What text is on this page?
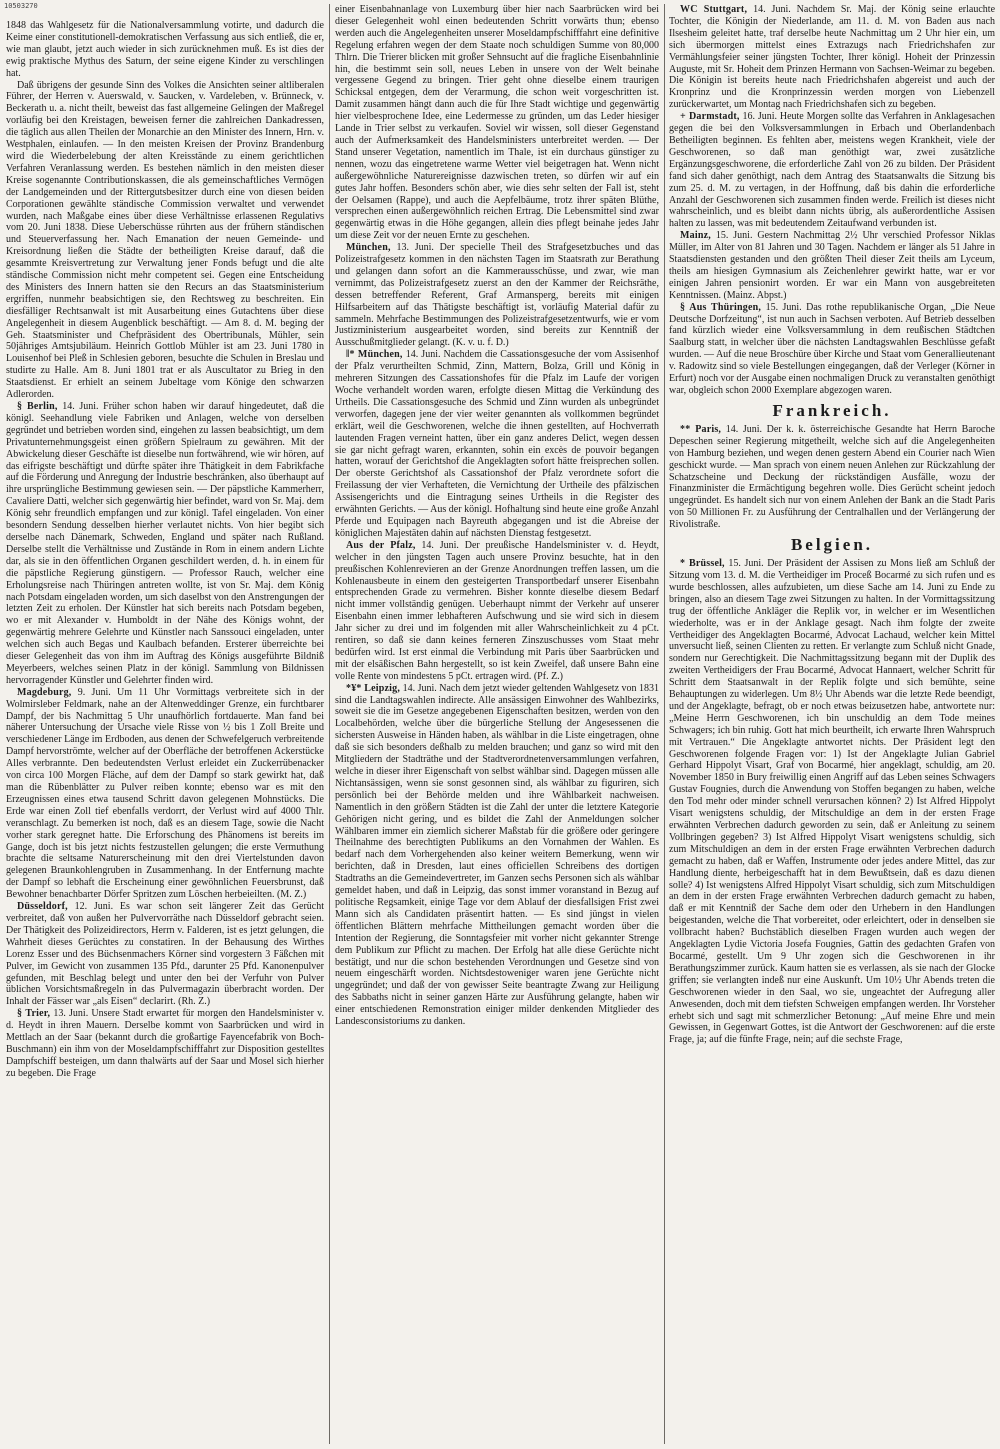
10503270

1848 das Wahlgesetz für die Nationalversammlung votirte, und dadurch die Keime einer constitutionell-demokratischen Verfassung aus sich entließ, die er, wie man glaubt, jetzt auch wieder in sich zurücknehmen muß. Es ist dies der ewig praktische Mythus des Saturn, der seine eigene Kinder zu verschlingen hat.

Daß übrigens der gesunde Sinn des Volkes die Ansichten seiner altliberalen Führer, der Herren v. Auerswald, v. Saucken, v. Vardeleben, v. Brünneck, v. Beckerath u. a. nicht theilt, beweist das fast allgemeine Gelingen der Maßregel vorläufig bei den Kreistagen, beweisen ferner die zahlreichen Dankadressen, die täglich aus allen Theilen der Monarchie an den Minister des Innern, Hrn. v. Westphalen, einlaufen. — In den meisten Kreisen der Provinz Brandenburg wird die Wiederbelebung der alten Kreisstände zu einem gerichtlichen Verfahren Veranlassung werden. Es bestehen nämlich in den meisten dieser Kreise sogenannte Contributionskassen, die als gemeinschaftliches Vermögen der Landgemeinden und der Rittergutsbesitzer durch eine von diesen beiden Corporationen gewählte ständische Commission verwaltet und verwendet wurden, nach Maßgabe eines über diese Verhältnisse erlassenen Regulativs vom 20. Juni 1838. Diese Ueberschüsse rührten aus der frühern ständischen und Steuerverfassung her. Nach Emanation der neuen Gemeinde- und Kreisordnung ließen die Städte der betheiligten Kreise darauf, daß die gesammte Kreisvertretung zur Verwaltung jener Fonds befugt und die alte ständische Commission nicht mehr competent sei. Gegen eine Entscheidung des Ministers des Innern hatten sie den Recurs an das Staatsministerium ergriffen, nunmehr beabsichtigen sie, den Rechtsweg zu beschreiten. Ein diesfälliger Rechtsanwalt ist mit Ausarbeitung eines Gutachtens über diese Angelegenheit in diesem Augenblick beschäftigt. — Am 8. d. M. beging der Geh. Staatsminister und Chefpräsident des Obertribunals, Mühler, sein 50jähriges Amtsjubiläum. Heinrich Gottlob Mühler ist am 23. Juni 1780 in Louisenhof bei Pleß in Schlesien geboren, besuchte die Schulen in Breslau und studirte zu Halle. Am 8. Juni 1801 trat er als Auscultator zu Brieg in den Staatsdienst. Er erhielt an seinem Jubeltage vom Könige den schwarzen Adlerorden.

§ Berlin, 14. Juni. Früher schon haben wir darauf hingedeutet, daß die königl. Seehandlung viele Fabriken und Anlagen, welche von derselben gegründet und betrieben worden sind, eingehen zu lassen beabsichtigt, um dem Privatunternehmungsgeist einen größern Spielraum zu gewähren. Mit der Abwickelung dieser Geschäfte ist dieselbe nun fortwährend, wie wir hören, auf das eifrigste beschäftigt und dürfte später ihre Thätigkeit in dem Fabrikfache auf die Förderung und Anregung der Industrie beschränken, also überhaupt auf ihre ursprüngliche Bestimmung gewiesen sein. — Der päpstliche Kammerherr, Cavaliere Datti, welcher sich gegenwärtig hier befindet, ward von Sr. Maj. dem König sehr freundlich empfangen und zur königl. Tafel eingeladen. Von einer besondern Sendung desselben hierher verlautet nichts. Von hier begibt sich derselbe nach Dänemark, Schweden, England und später nach Rußland. Derselbe stellt die Verhältnisse und Zustände in Rom in einem andern Lichte dar, als sie in den öffentlichen Organen geschildert werden, d. h. in einem für die päpstliche Regierung günstigern. — Professor Rauch, welcher eine Erholungsreise nach Thüringen antreten wollte, ist von Sr. Maj. dem König nach Potsdam eingeladen worden, um sich daselbst von den Anstrengungen der letzten Zeit zu erholen. Der Künstler hat sich bereits nach Potsdam begeben, wo er mit Alexander v. Humboldt in der Nähe des Königs wohnt, der gegenwärtig mehrere Gelehrte und Künstler nach Sanssouci eingeladen, unter welchen sich auch Begas und Kaulbach befanden. Ersterer überreichte bei dieser Gelegenheit das von ihm im Auftrag des Königs ausgeführte Bildniß Meyerbeers, welches seinen Platz in der königl. Sammlung von Bildnissen hervorragender Künstler und Gelehrter finden wird.

Magdeburg, 9. Juni. Um 11 Uhr Vormittags verbreitete sich in der Wolmirsleber Feldmark, nahe an der Altenweddinger Grenze, ein furchtbarer Dampf, der bis Nachmittag 5 Uhr unaufhörlich fortdauerte. Man fand bei näherer Untersuchung der Ursache viele Risse von ½ bis 1 Zoll Breite und verschiedener Länge im Erdboden, aus denen der Schwefelgeruch verbreitende Dampf hervorströmte, welcher auf der Oberfläche der betroffenen Ackerstücke Alles verbrannte. Den bedeutendsten Verlust erleidet ein Zuckerrübenacker von circa 100 Morgen Fläche, auf dem der Dampf so stark gewirkt hat, daß man die Rübenblätter zu Pulver reiben konnte; ebenso war es mit den Erzeugnissen eines etwa tausend Schritt davon gelegenen Mohnstücks. Die Erde war einen Zoll tief ebenfalls verdorrt, der Verlust wird auf 4000 Thlr. veranschlagt. Zu bemerken ist noch, daß es an diesem Tage, sowie die Nacht vorher stark geregnet hatte. Die Erforschung des Phänomens ist bereits im Gange, doch ist bis jetzt nichts festzustellen gelungen; die erste Vermuthung brachte die seltsame Naturerscheinung mit den drei Viertelstunden davon gelegenen Braunkohlengruben in Zusammenhang. In der Entfernung machte der Dampf so lebhaft die Erscheinung einer gewöhnlichen Feuersbrunst, daß Bewohner benachbarter Dörfer Spritzen zum Löschen herbeieilten. (M. Z.)

Düsseldorf, 12. Juni. Es war schon seit längerer Zeit das Gerücht verbreitet, daß von außen her Pulvervorräthe nach Düsseldorf gebracht seien. Der Thätigkeit des Polizeidirectors, Herrn v. Falderen, ist es jetzt gelungen, die Wahrheit dieses Gerüchtes zu constatiren. In der Behausung des Wirthes Lorenz Esser und des Büchsenmachers Körner sind vorgestern 3 Fäßchen mit Pulver, im Gewicht von zusammen 135 Pfd., darunter 25 Pfd. Kanonenpulver gefunden, mit Beschlag belegt und unter den bei der Verfuhr von Pulver üblichen Vorsichtsmaßregeln in das Pulvermagazin überbracht worden. Der Inhalt der Fässer war „als Eisen“ declarirt. (Rh. Z.)

§ Trier, 13. Juni. Unsere Stadt erwartet für morgen den Handelsminister v. d. Heydt in ihren Mauern. Derselbe kommt von Saarbrücken und wird in Mettlach an der Saar (bekannt durch die großartige Fayencefabrik von Boch-Buschmann) ein ihm von der Moseldampfschifffahrt zur Disposition gestelltes Dampfschiff besteigen, um dann thalwärts auf der Saar und Mosel sich hierher zu begeben. Die Frage

einer Eisenbahnanlage von Luxemburg über hier nach Saarbrücken wird bei dieser Gelegenheit wohl einen bedeutenden Schritt vorwärts thun; ebenso werden auch die Angelegenheiten unserer Moseldampfschifffahrt eine definitive Regelung erfahren wegen der dem Staate noch schuldigen Summe von 80,000 Thlrn. Die Trierer blicken mit großer Sehnsucht auf die fragliche Eisenbahnlinie hin, die bestimmt sein soll, neues Leben in unsere von der Welt beinahe vergessene Gegend zu bringen. Trier geht ohne dieselbe einem traurigen Schicksal entgegen, dem der Verarmung, die schon weit vorgeschritten ist. Damit zusammen hängt dann auch die für Ihre Stadt wichtige und gegenwärtig hier vielbesprochene Idee, eine Ledermesse zu gründen, um das Leder hiesiger Lande in Trier selbst zu verkaufen. Soviel wir wissen, soll dieser Gegenstand auch der Aufmerksamkeit des Handelsministers unterbreitet werden. — Der Stand unserer Vegetation, namentlich im Thale, ist ein durchaus günstiger zu nennen, wozu das eingetretene warme Wetter viel beigetragen hat. Wenn nicht außergewöhnliche Naturereignisse dazwischen treten, so dürfen wir auf ein gutes Jahr hoffen. Besonders schön aber, wie dies sehr selten der Fall ist, steht der Oelsamen (Rappe), und auch die Aepfelbäume, trotz ihrer späten Blüthe, versprechen einen außergewöhnlich reichen Ertrag. Die Lebensmittel sind zwar gegenwärtig etwas in die Höhe gegangen, allein dies pflegt beinahe jedes Jahr um diese Zeit vor der neuen Ernte zu geschehen.

München, 13. Juni. Der specielle Theil des Strafgesetzbuches und das Polizeistrafgesetz kommen in den nächsten Tagen im Staatsrath zur Berathung und gelangen dann sofort an die Kammerausschüsse, und zwar, wie man vernimmt, das Polizeistrafgesetz zuerst an den der Kammer der Reichsräthe, dessen betreffender Referent, Graf Armansperg, bereits mit einigen Hilfsarbeitern auf das Thätigste beschäftigt ist, vorläufig Material dafür zu sammeln. Mehrfache Bestimmungen des Polizeistrafgesetzentwurfs, wie er vom Justizministerium ausgearbeitet worden, sind bereits zur Kenntniß der Ausschußmitglieder gelangt. (K. v. u. f. D.)

‖* München, 14. Juni. Nachdem die Cassationsgesuche der vom Assisenhof der Pfalz verurtheilten Schmid, Zinn, Mattern, Bolza, Grill und König in mehreren Sitzungen des Cassationshofes für die Pfalz im Laufe der vorigen Woche verhandelt worden waren, erfolgte diesen Mittag die Verkündung des Urtheils. Die Cassationsgesuche des Schmid und Zinn wurden als unbegründet verworfen, dagegen jene der vier weiter genannten als vollkommen begründet erklärt, weil die Geschworenen, welche die ihnen gestellten, auf Hochverrath lautenden Fragen verneint hatten, über ein ganz anderes Delict, wegen dessen sie gar nicht gefragt waren, erkannten, sohin ein excès de pouvoir begangen hatten, worauf der Gerichtshof die Angeklagten sofort hätte freisprechen sollen. Der oberste Gerichtshof als Cassationshof der Pfalz verordnete sofort die Freilassung der vier Verhafteten, die Vernichtung der Urtheile des pfälzischen Assisengerichts und die Eintragung seines Urtheils in die Register des erwähnten Gerichts. — Aus der königl. Hofhaltung sind heute eine große Anzahl Pferde und Equipagen nach Bayreuth abgegangen und ist die Abreise der königlichen Majestäten dahin auf nächsten Dienstag festgesetzt.

Aus der Pfalz, 14. Juni. Der preußische Handelsminister v. d. Heydt, welcher in den jüngsten Tagen auch unsere Provinz besuchte, hat in den preußischen Kohlenrevieren an der Grenze Anordnungen treffen lassen, um die Kohlenausbeute in einem den gesteigerten Transportbedarf unserer Eisenbahn entsprechenden Grade zu vermehren. Bisher konnte dieselbe diesem Bedarf nicht immer vollständig genügen. Ueberhaupt nimmt der Verkehr auf unserer Eisenbahn einen immer lebhafteren Aufschwung und sie wird sich in diesem Jahr sicher zu drei und im folgenden mit aller Wahrscheinlichkeit zu 4 pCt. rentiren, so daß sie dann keines ferneren Zinszuschusses vom Staat mehr bedürfen wird. Ist erst einmal die Verbindung mit Paris über Saarbrücken und mit der elsäßischen Bahn hergestellt, so ist kein Zweifel, daß unsere Bahn eine volle Rente von mindestens 5 pCt. ertragen wird. (Pf. Z.)

*¥* Leipzig, 14. Juni. Nach dem jetzt wieder geltenden Wahlgesetz von 1831 sind die Landtagswahlen indirecte. Alle ansässigen Einwohner des Wahlbezirks, soweit sie die im Gesetze angegebenen Eigenschaften besitzen, werden von den Localbehörden, welche über die bürgerliche Stellung der Angesessenen die sichersten Ausweise in Händen haben, als wählbar in die Liste eingetragen, ohne daß sie sich besonders deßhalb zu melden brauchen; und ganz so wird mit den Mitgliedern der Stadträthe und der Stadtverordnetenversammlungen verfahren, welche in dieser ihrer Eigenschaft von selbst wählbar sind. Dagegen müssen alle Nichtansässigen, wenn sie sonst gesonnen sind, als wählbar zu figuriren, sich persönlich bei der Behörde melden und ihre Wählbarkeit nachweisen. Namentlich in den größern Städten ist die Zahl der unter die letztere Kategorie Gehörigen nicht gering, und es bildet die Zahl der Anmeldungen solcher Wählbaren immer ein ziemlich sicherer Maßstab für die größere oder geringere Theilnahme des berechtigten Publikums an den Vornahmen der Wahlen. Es bedarf nach dem Vorhergehenden also keiner weitern Bemerkung, wenn wir berichten, daß in Dresden, laut eines officiellen Schreibens des dortigen Stadtraths an die Gemeindevertreter, im Ganzen sechs Personen sich als wählbar gemeldet haben, und daß in Leipzig, das sonst immer voranstand in Bezug auf politische Regsamkeit, einige Tage vor dem Ablauf der diesfallsigen Frist zwei Mann sich als Candidaten präsentirt hatten. — Es sind jüngst in vielen öffentlichen Blättern mehrfache Mittheilungen gemacht worden über die Intention der Regierung, die Sonntagsfeier mit vorher nicht gekannter Strenge dem Publikum zur Pflicht zu machen. Der Erfolg hat alle diese Gerüchte nicht bestätigt, und nur die schon bestehenden Verordnungen und Gesetze sind von neuem eingeschärft worden. Nichtsdestoweniger waren jene Gerüchte nicht ungegründet; und daß der von gewisser Seite beantragte Zwang zur Heiligung des Sabbaths nicht in seiner ganzen Härte zur Ausführung gelangte, haben wir einer entschiedenen Remonstration einiger milder denkenden Mitglieder des Landesconsistoriums zu danken.

WC Stuttgart, 14. Juni. Nachdem Sr. Maj. der König seine erlauchte Tochter, die Königin der Niederlande, am 11. d. M. von Baden aus nach Ilsesheim geleitet hatte, traf derselbe heute Nachmittag um 2 Uhr hier ein, um sich übermorgen mittelst eines Extrazugs nach Friedrichshafen zur Vermählungsfeier seiner jüngsten Tochter, Ihrer königl. Hoheit der Prinzessin Auguste, mit Sr. Hoheit dem Prinzen Hermann von Sachsen-Weimar zu begeben. Die Königin ist bereits heute nach Friedrichshafen abgereist und auch der Kronprinz und die Kronprinzessin werden morgen von Liebenzell zurückerwartet, um Montag nach Friedrichshafen sich zu begeben.

+ Darmstadt, 16. Juni. Heute Morgen sollte das Verfahren in Anklagesachen gegen die bei den Volksversammlungen in Erbach und Oberlandenbach Betheiligten beginnen. Es fehlten aber, meistens wegen Krankheit, viele der Geschworenen, so daß man genöthigt war, zwei zusätzliche Ergänzungsgeschworene, die erforderliche Zahl von 26 zu bilden. Der Präsident fand sich daher genöthigt, nach dem Antrag des Staatsanwalts die Sitzung bis zum 25. d. M. zu vertagen, in der Hoffnung, daß bis dahin die erforderliche Anzahl der Geschworenen sich zusammen finden werde. Freilich ist dieses nicht wahrscheinlich, und es bleibt dann nichts übrig, als außerordentliche Assisen halten zu lassen, was mit bedeutendem Zeitaufwand verbunden ist.

Mainz, 15. Juni. Gestern Nachmittag 2½ Uhr verschied Professor Niklas Müller, im Alter von 81 Jahren und 30 Tagen. Nachdem er länger als 51 Jahre in Staatsdiensten gestanden und den größten Theil dieser Zeit theils am Lyceum, theils am hiesigen Gymnasium als Zeichenlehrer gewirkt hatte, war er vor einigen Jahren pensionirt worden. Er war ein Mann von ausgebreiteten Kenntnissen. (Mainz. Abpst.)

§ Aus Thüringen, 15. Juni. Das rothe republikanische Organ, „Die Neue Deutsche Dorfzeitung“, ist nun auch in Sachsen verboten. Auf Betrieb desselben fand kürzlich wieder eine Volksversammlung in dem reußischen Städtchen Saalburg statt, in welcher über die nächsten Landtagswahlen Beschlüsse gefaßt wurden. — Auf die neue Broschüre über Kirche und Staat vom Generallieutenant v. Radowitz sind so viele Bestellungen eingegangen, daß der Verleger (Körner in Erfurt) noch vor der Ausgabe einen nochmaligen Druck zu veranstalten genöthigt war, obgleich schon 2000 Exemplare abgezogen waren.

Frankreich.

** Paris, 14. Juni. Der k. k. österreichische Gesandte hat Herrn Baroche Depeschen seiner Regierung mitgetheilt, welche sich auf die Angelegenheiten von Hamburg beziehen, und wegen denen gestern Abend ein Courier nach Wien geschickt wurde. — Man sprach von einem neuen Anlehen zur Rückzahlung der Schatzscheine und Deckung der rückständigen Ausfälle, wozu der Finanzminister die Ermächtigung begehren wolle. Dies Gerücht scheint jedoch ungegründet. Es handelt sich nur von einem Anlehen der Bank an die Stadt Paris von 50 Millionen Fr. zu Ausführung der Centralhallen und der Verlängerung der Rivolistraße.

Belgien.

* Brüssel, 15. Juni. Der Präsident der Assisen zu Mons ließ am Schluß der Sitzung vom 13. d. M. die Vertheidiger im Proceß Bocarmé zu sich rufen und es wurde beschlossen, alles aufzubieten, um diese Sache am 14. Juni zu Ende zu bringen, also an diesem Tage zwei Sitzungen zu halten. In der Vormittagssitzung trug der öffentliche Ankläger die Replik vor, in welcher er im Wesentlichen wiederholte, was er in der Anklage gesagt. Nach ihm folgte der zweite Vertheidiger des Angeklagten Bocarmé, Advocat Lachaud, welcher kein Mittel unversucht ließ, seinen Clienten zu retten. Er verlangte zum Schluß nicht Gnade, sondern nur Gerechtigkeit. Die Nachmittagssitzung begann mit der Duplik des zweiten Vertheidigers der Frau Bocarmé, Advocat Hannaert, welcher Schritt für Schritt dem Staatsanwalt in der Replik folgte und sich bemühte, seine Behauptungen zu widerlegen. Um 8½ Uhr Abends war die letzte Rede beendigt, und der Angeklagte, befragt, ob er noch etwas beizusetzen habe, antwortete nur: „Meine Herrn Geschworenen, ich bin unschuldig an dem Tode meines Schwagers; ich bin ruhig. Gott hat mich beurtheilt, ich erwarte Ihren Wahrspruch mit Vertrauen.“ Die Angeklagte antwortet nichts. Der Präsident legt den Geschworenen folgende Fragen vor: 1) Ist der Angeklagte Julian Gabriel Gerhard Hippolyt Visart, Graf von Bocarmé, hier angeklagt, schuldig, am 20. November 1850 in Bury freiwillig einen Angriff auf das Leben seines Schwagers Gustav Fougnies, durch die Anwendung von Stoffen begangen zu haben, welche den Tod mehr oder minder schnell verursachen können? 2) Ist Alfred Hippolyt Visart wenigstens schuldig, der Mitschuldige an dem in der ersten Frage erwähnten Verbrechen dadurch geworden zu sein, daß er Anleitung zu seinem Vollbringen gegeben? 3) Ist Alfred Hippolyt Visart wenigstens schuldig, sich zum Mitschuldigen an dem in der ersten Frage erwähnten Verbrechen dadurch gemacht zu haben, daß er Waffen, Instrumente oder jedes andere Mittel, das zur Handlung diente, herbeigeschafft hat in dem Bewußtsein, daß es dazu dienen solle? 4) Ist wenigstens Alfred Hippolyt Visart schuldig, sich zum Mitschuldigen an dem in der ersten Frage erwähnten Verbrechen dadurch gemacht zu haben, daß er mit Kenntniß der Sache dem oder den Urhebern in den Handlungen beigestanden, welche die That vorbereitet, oder erleichtert, oder in denselben sie vollbracht haben? Buchstäblich dieselben Fragen wurden auch wegen der Angeklagten Lydie Victoria Josefa Fougnies, Gattin des gedachten Grafen von Bocarmé, gestellt. Um 9 Uhr zogen sich die Geschworenen in ihr Berathungszimmer zurück. Kaum hatten sie es verlassen, als sie nach der Glocke griffen; sie verlangten indeß nur eine Auskunft. Um 10½ Uhr Abends treten die Geschworenen wieder in den Saal, wo sie, ungeachtet der Aufregung aller Anwesenden, doch mit dem tiefsten Schweigen empfangen werden. Ihr Vorsteher erhebt sich und sagt mit schmerzlicher Betonung: „Auf meine Ehre und mein Gewissen, in Gegenwart Gottes, ist die Antwort der Geschworenen: auf die erste Frage, ja; auf die fünfte Frage, nein; auf die sechste Frage,
